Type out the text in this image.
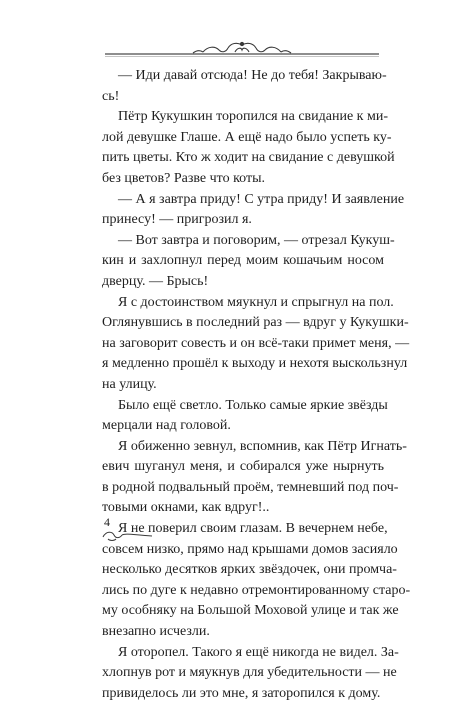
— Иди давай отсюда! Не до тебя! Закрываю-
сь!

Пётр Кукушкин торопился на свидание к ми-
лой девушке Глаше. А ещё надо было успеть ку-
пить цветы. Кто ж ходит на свидание с девушкой
без цветов? Разве что коты.

— А я завтра приду! С утра приду! И заявление
принесу! — пригрозил я.

— Вот завтра и поговорим, — отрезал Кукуш-
кин и захлопнул перед моим кошачьим носом
дверцу. — Брысь!

Я с достоинством мяукнул и спрыгнул на пол.
Оглянувшись в последний раз — вдруг у Кукушки-
на заговорит совесть и он всё-таки примет меня, —
я медленно прошёл к выходу и нехотя выскользнул
на улицу.

Было ещё светло. Только самые яркие звёзды
мерцали над головой.

Я обиженно зевнул, вспомнив, как Пётр Игнать-
евич шуганул меня, и собирался уже нырнуть
в родной подвальный проём, темневший под поч-
товыми окнами, как вдруг!..

Я не поверил своим глазам. В вечернем небе,
совсем низко, прямо над крышами домов засияло
несколько десятков ярких звёздочек, они промча-
лись по дуге к недавно отремонтированному старо-
му особняку на Большой Моховой улице и так же
внезапно исчезли.

Я оторопел. Такого я ещё никогда не видел. За-
хлопнув рот и мяукнув для убедительности — не
привиделось ли это мне, я заторопился к дому.

4
